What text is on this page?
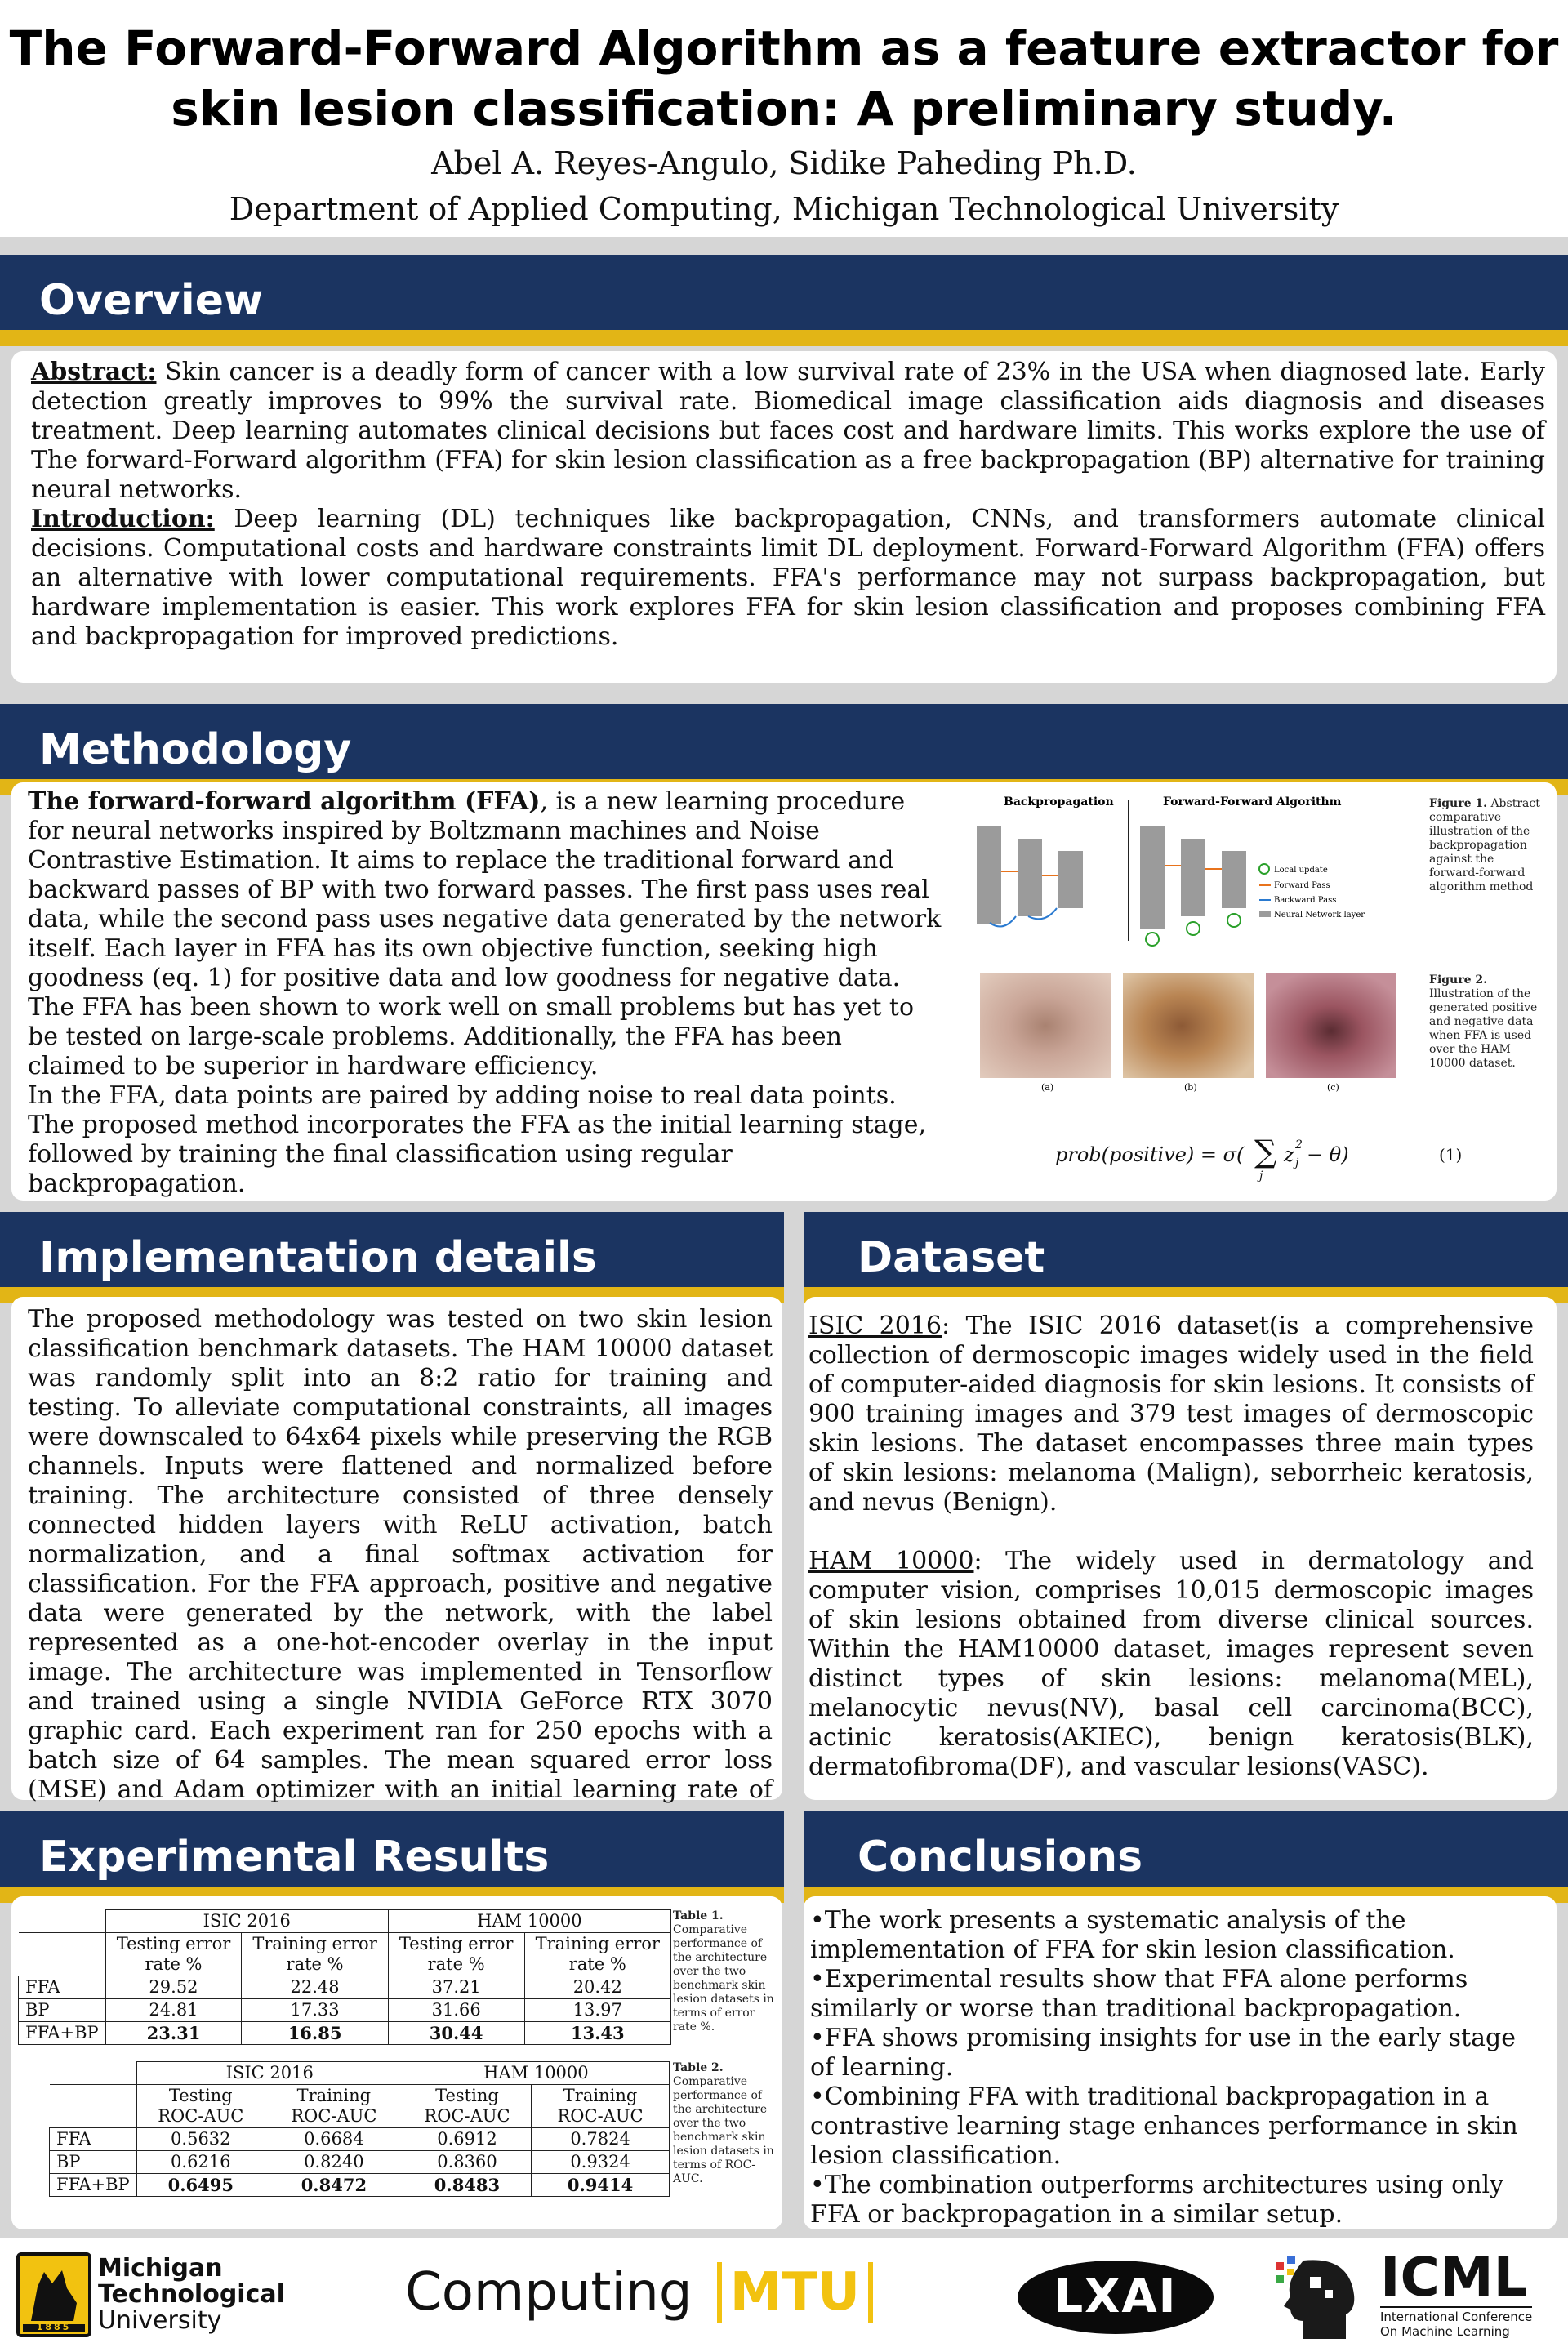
The Forward-Forward Algorithm as a feature extractor for
skin lesion classification: A preliminary study.
Abel A. Reyes-Angulo, Sidike Paheding Ph.D.
Department of Applied Computing, Michigan Technological University
Overview

Abstract: Skin cancer is a deadly form of cancer with a low survival rate of 23% in the USA when diagnosed late. Early detection greatly improves to 99% the survival rate. Biomedical image classification aids diagnosis and diseases treatment. Deep learning automates clinical decisions but faces cost and hardware limits. This works explore the use of The forward-Forward algorithm (FFA) for skin lesion classification as a free backpropagation (BP) alternative for training neural networks.

Introduction: Deep learning (DL) techniques like backpropagation, CNNs, and transformers automate clinical decisions. Computational costs and hardware constraints limit DL deployment. Forward-Forward Algorithm (FFA) offers an alternative with lower computational requirements. FFA's performance may not surpass backpropagation, but hardware implementation is easier. This work explores FFA for skin lesion classification and proposes combining FFA and backpropagation for improved predictions.

Methodology

The forward-forward algorithm (FFA), is a new learning procedure for neural networks inspired by Boltzmann machines and Noise Contrastive Estimation. It aims to replace the traditional forward and backward passes of BP with two forward passes. The first pass uses real data, while the second pass uses negative data generated by the network itself. Each layer in FFA has its own objective function, seeking high goodness (eq. 1) for positive data and low goodness for negative data. The FFA has been shown to work well on small problems but has yet to be tested on large-scale problems. Additionally, the FFA has been claimed to be superior in hardware efficiency.

In the FFA, data points are paired by adding noise to real data points. The proposed method incorporates the FFA as the initial learning stage, followed by training the final classification using regular backpropagation.

Backpropagation	Forward-Forward Algorithm
Local update
Forward Pass
Backward Pass
Neural Network layer
Figure 1. Abstract comparative illustration of the backpropagation against the forward-forward algorithm method
(a)	(b)	(c)
Figure 2. Illustration of the generated positive and negative data when FFA is used over the HAM 10000 dataset.
prob(positive) = σ( ∑
j
z 2
j − θ)	(1)
Implementation details

The proposed methodology was tested on two skin lesion classification benchmark datasets. The HAM 10000 dataset was randomly split into an 8:2 ratio for training and testing. To alleviate computational constraints, all images were downscaled to 64x64 pixels while preserving the RGB channels. Inputs were flattened and normalized before training. The architecture consisted of three densely connected hidden layers with ReLU activation, batch normalization, and a final softmax activation for classification. For the FFA approach, positive and negative data were generated by the network, with the label represented as a one-hot-encoder overlay in the input image. The architecture was implemented in Tensorflow and trained using a single NVIDIA GeForce RTX 3070 graphic card. Each experiment ran for 250 epochs with a batch size of 64 samples. The mean squared error loss (MSE) and Adam optimizer with an initial learning rate of

Dataset

ISIC 2016: The ISIC 2016 dataset(is a comprehensive collection of dermoscopic images widely used in the field of computer-aided diagnosis for skin lesions. It consists of 900 training images and 379 test images of dermoscopic skin lesions. The dataset encompasses three main types of skin lesions: melanoma (Malign), seborrheic keratosis, and nevus (Benign).

HAM 10000: The widely used in dermatology and computer vision, comprises 10,015 dermoscopic images of skin lesions obtained from diverse clinical sources. Within the HAM10000 dataset, images represent seven distinct types of skin lesions: melanoma(MEL), melanocytic nevus(NV), basal cell carcinoma(BCC), actinic keratosis(AKIEC), benign keratosis(BLK), dermatofibroma(DF), and vascular lesions(VASC).

Experimental Results
	ISIC 2016		HAM 10000	
	Testing error rate %	Training error rate %	Testing error rate %	Training error rate %
FFA	29.52	22.48	37.21	20.42
BP	24.81	17.33	31.66	13.97
FFA+BP	23.31	16.85	30.44	13.43
Table 1. Comparative performance of the architecture over the two benchmark skin lesion datasets in terms of error rate %.
	ISIC 2016		HAM 10000	
	Testing ROC-AUC	Training ROC-AUC	Testing ROC-AUC	Training ROC-AUC
FFA	0.5632	0.6684	0.6912	0.7824
BP	0.6216	0.8240	0.8360	0.9324
FFA+BP	0.6495	0.8472	0.8483	0.9414
Table 2. Comparative performance of the architecture over the two benchmark skin lesion datasets in terms of ROC-AUC.
Conclusions
•The work presents a systematic analysis of the implementation of FFA for skin lesion classification.
•Experimental results show that FFA alone performs similarly or worse than traditional backpropagation.
•FFA shows promising insights for use in the early stage of learning.
•Combining FFA with traditional backpropagation in a contrastive learning stage enhances performance in skin lesion classification.
•The combination outperforms architectures using only FFA or backpropagation in a similar setup.
1885
Michigan
Technological
University	Computing MTU	LXAI	ICML
International Conference
On Machine Learning
